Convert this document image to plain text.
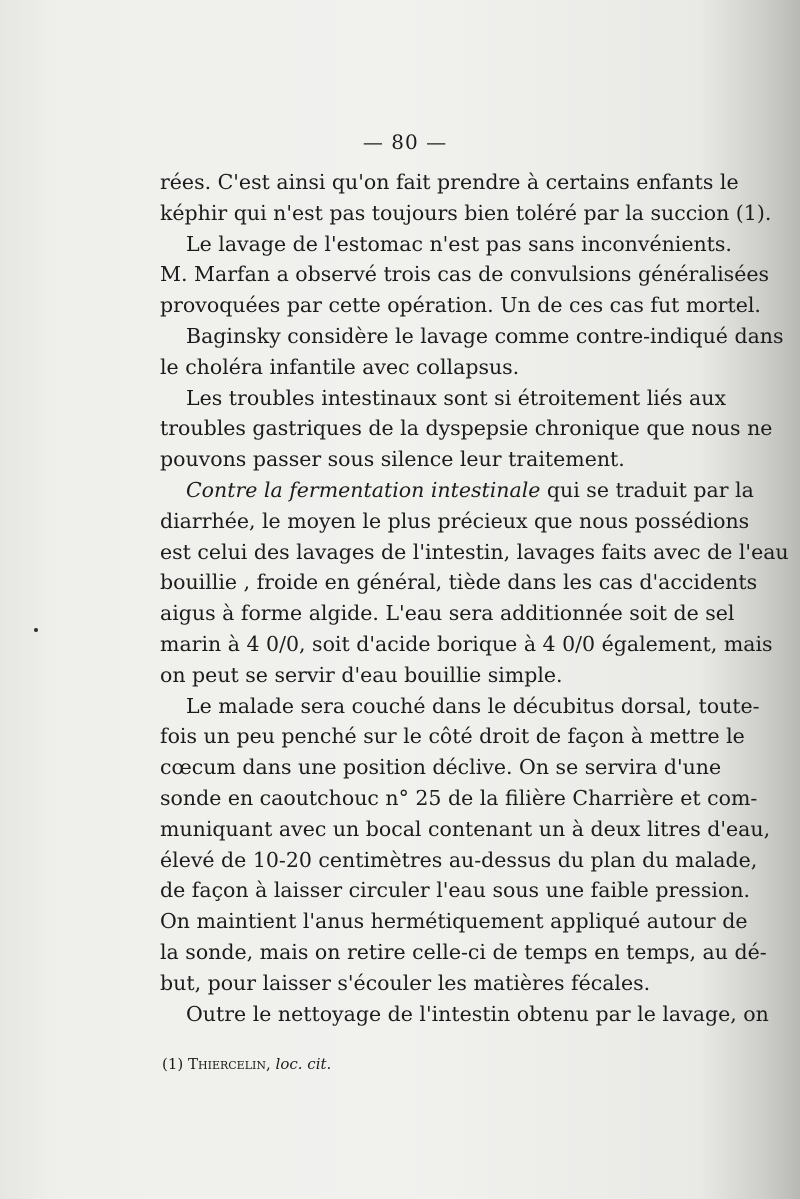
— 80 —
rées. C'est ainsi qu'on fait prendre à certains enfants le
képhir qui n'est pas toujours bien toléré par la succion (1).
Le lavage de l'estomac n'est pas sans inconvénients.
M. Marfan a observé trois cas de convulsions généralisées
provoquées par cette opération. Un de ces cas fut mortel.
Baginsky considère le lavage comme contre-indiqué dans
le choléra infantile avec collapsus.
Les troubles intestinaux sont si étroitement liés aux
troubles gastriques de la dyspepsie chronique que nous ne
pouvons passer sous silence leur traitement.
Contre la fermentation intestinale qui se traduit par la
diarrhée, le moyen le plus précieux que nous possédions
est celui des lavages de l'intestin, lavages faits avec de l'eau
bouillie , froide en général, tiède dans les cas d'accidents
aigus à forme algide. L'eau sera additionnée soit de sel
marin à 4 0/0, soit d'acide borique à 4 0/0 également, mais
on peut se servir d'eau bouillie simple.
Le malade sera couché dans le décubitus dorsal, toute-
fois un peu penché sur le côté droit de façon à mettre le
cœcum dans une position déclive. On se servira d'une
sonde en caoutchouc n° 25 de la filière Charrière et com-
muniquant avec un bocal contenant un à deux litres d'eau,
élevé de 10-20 centimètres au-dessus du plan du malade,
de façon à laisser circuler l'eau sous une faible pression.
On maintient l'anus hermétiquement appliqué autour de
la sonde, mais on retire celle-ci de temps en temps, au dé-
but, pour laisser s'écouler les matières fécales.
Outre le nettoyage de l'intestin obtenu par le lavage, on
(1) Thiercelin, loc. cit.
